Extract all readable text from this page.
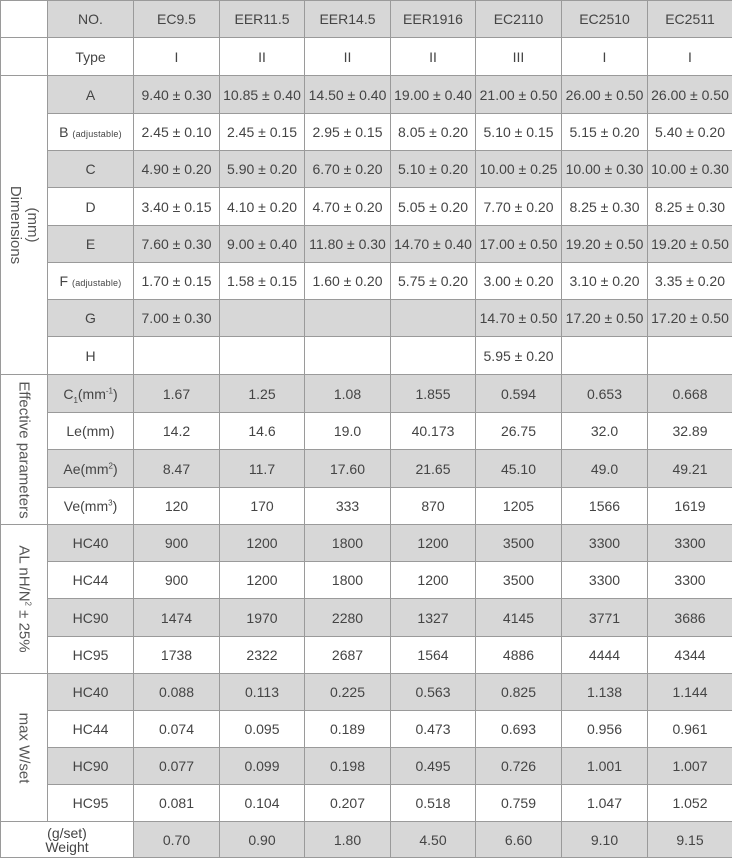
	NO.	EC9.5	EER11.5	EER14.5	EER1916	EC2110	EC2510	EC2511
	Type	I	II	II	II	III	I	I

(mm)
Dimensions	A	9.40 ± 0.30	10.85 ± 0.40	14.50 ± 0.40	19.00 ± 0.40	21.00 ± 0.50	26.00 ± 0.50	26.00 ± 0.50
	B (adjustable)	2.45 ± 0.10	2.45 ± 0.15	2.95 ± 0.15	8.05 ± 0.20	5.10 ± 0.15	5.15 ± 0.20	5.40 ± 0.20
	C	4.90 ± 0.20	5.90 ± 0.20	6.70 ± 0.20	5.10 ± 0.20	10.00 ± 0.25	10.00 ± 0.30	10.00 ± 0.30
	D	3.40 ± 0.15	4.10 ± 0.20	4.70 ± 0.20	5.05 ± 0.20	7.70 ± 0.20	8.25 ± 0.30	8.25 ± 0.30
	E	7.60 ± 0.30	9.00 ± 0.40	11.80 ± 0.30	14.70 ± 0.40	17.00 ± 0.50	19.20 ± 0.50	19.20 ± 0.50
	F (adjustable)	1.70 ± 0.15	1.58 ± 0.15	1.60 ± 0.20	5.75 ± 0.20	3.00 ± 0.20	3.10 ± 0.20	3.35 ± 0.20
	G	7.00 ± 0.30				14.70 ± 0.50	17.20 ± 0.50	17.20 ± 0.50
	H					5.95 ± 0.20		

Effective parameters	$C_1(mm^{-1})$	1.67	1.25	1.08	1.855	0.594	0.653	0.668
	Le(mm)	14.2	14.6	19.0	40.173	26.75	32.0	32.89
	$Ae(mm^2)$	8.47	11.7	17.60	21.65	45.10	49.0	49.21
	$Ve(mm^3)$	120	170	333	870	1205	1566	1619

AL $nH/N^2 \pm 25\%$	HC40	900	1200	1800	1200	3500	3300	3300
	HC44	900	1200	1800	1200	3500	3300	3300
	HC90	1474	1970	2280	1327	4145	3771	3686
	HC95	1738	2322	2687	1564	4886	4444	4344

max W/set	HC40	0.088	0.113	0.225	0.563	0.825	1.138	1.144
	HC44	0.074	0.095	0.189	0.473	0.693	0.956	0.961
	HC90	0.077	0.099	0.198	0.495	0.726	1.001	1.007
	HC95	0.081	0.104	0.207	0.518	0.759	1.047	1.052

(g/set)
Weight		0.70	0.90	1.80	4.50	6.60	9.10	9.15
